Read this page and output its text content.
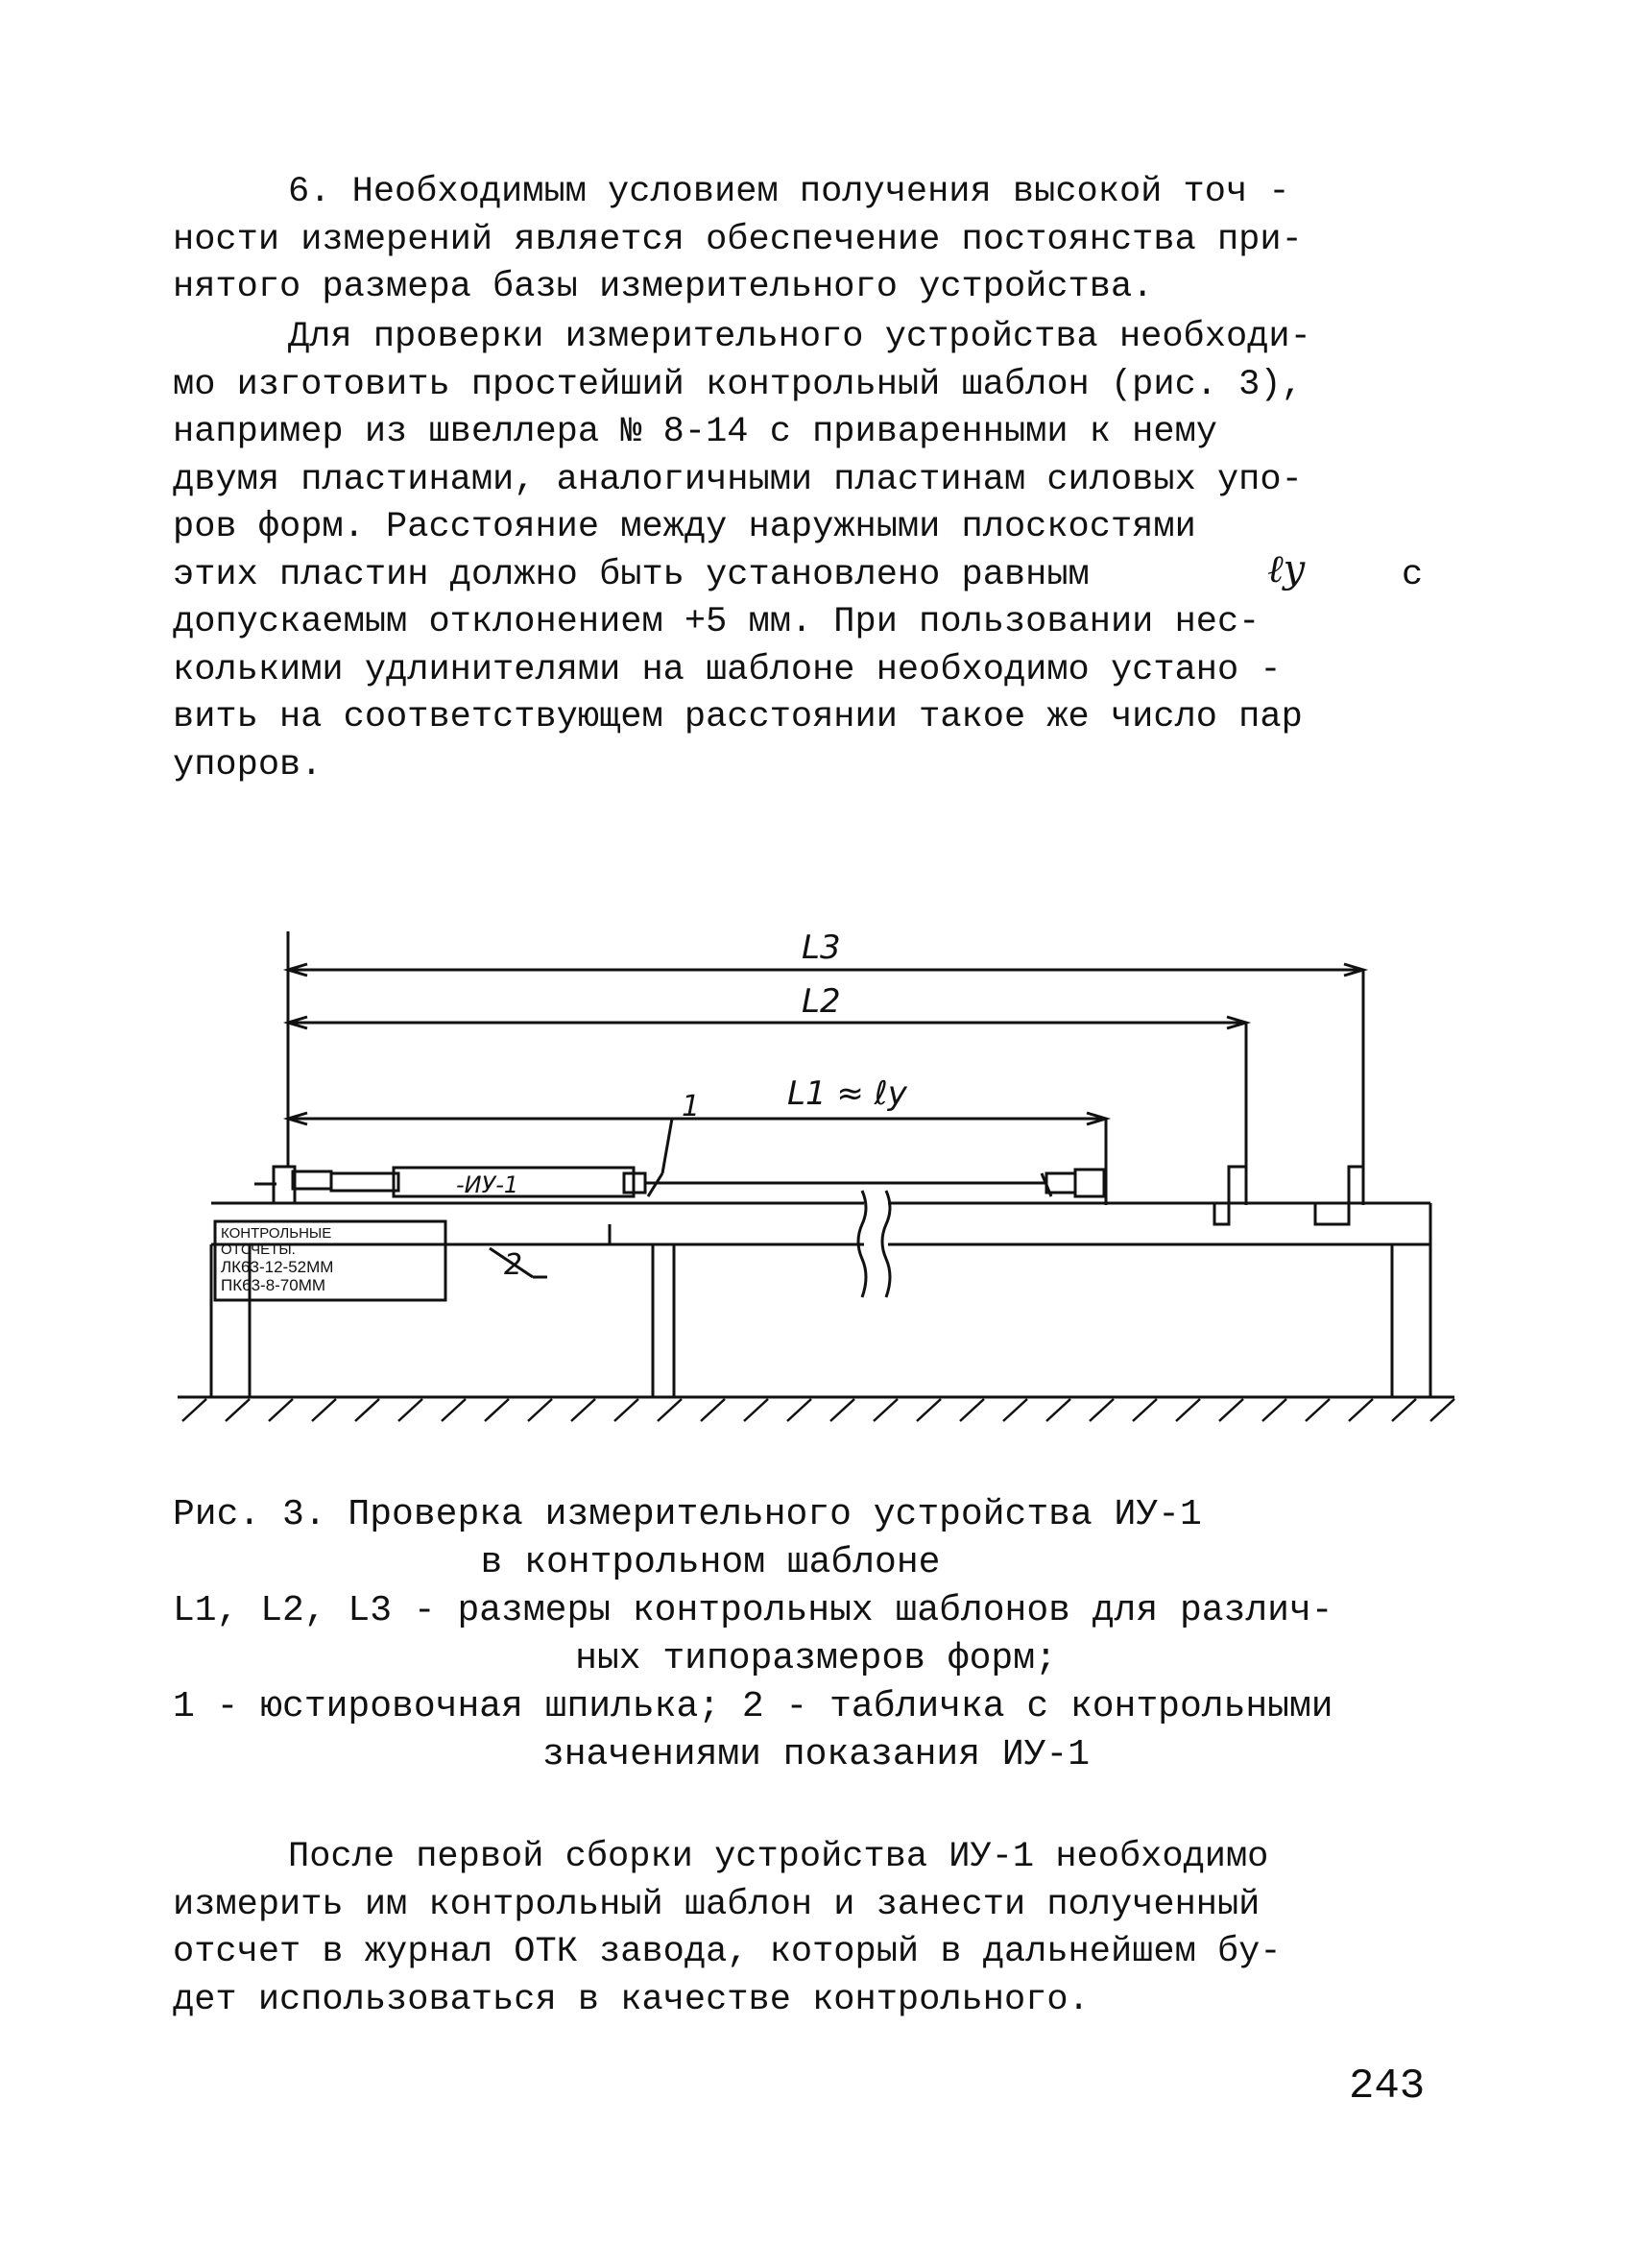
6. Необходимым условием получения высокой точ -
ности измерений является обеспечение постоянства при-
нятого размера базы измерительного устройства.
Для проверки измерительного устройства необходи-
мо изготовить простейший контрольный шаблон (рис. 3),
например из швеллера № 8-14 с приваренными к нему
двумя пластинами, аналогичными пластинам силовых упо-
ров форм. Расстояние между наружными плоскостями
этих пластин должно быть установлено равным	ℓу	с
допускаемым отклонением +5 мм. При пользовании нес-
колькими удлинителями на шаблоне необходимо устано -
вить на соответствующем расстоянии такое же число пар
упоров.
L3
L2
L1 ≈ ℓу
1
2
-ИУ-1
КОНТРОЛЬНЫЕ
ОТСЧЕТЫ.
ЛК63-12-52ММ
ПК63-8-70ММ
Рис. 3. Проверка измерительного устройства ИУ-1
в контрольном шаблоне
L1, L2, L3 - размеры контрольных шаблонов для различ-
ных типоразмеров форм;
1 - юстировочная шпилька; 2 - табличка с контрольными
значениями показания ИУ-1
После первой сборки устройства ИУ-1 необходимо
измерить им контрольный шаблон и занести полученный
отсчет в журнал ОТК завода, который в дальнейшем бу-
дет использоваться в качестве контрольного.
243
